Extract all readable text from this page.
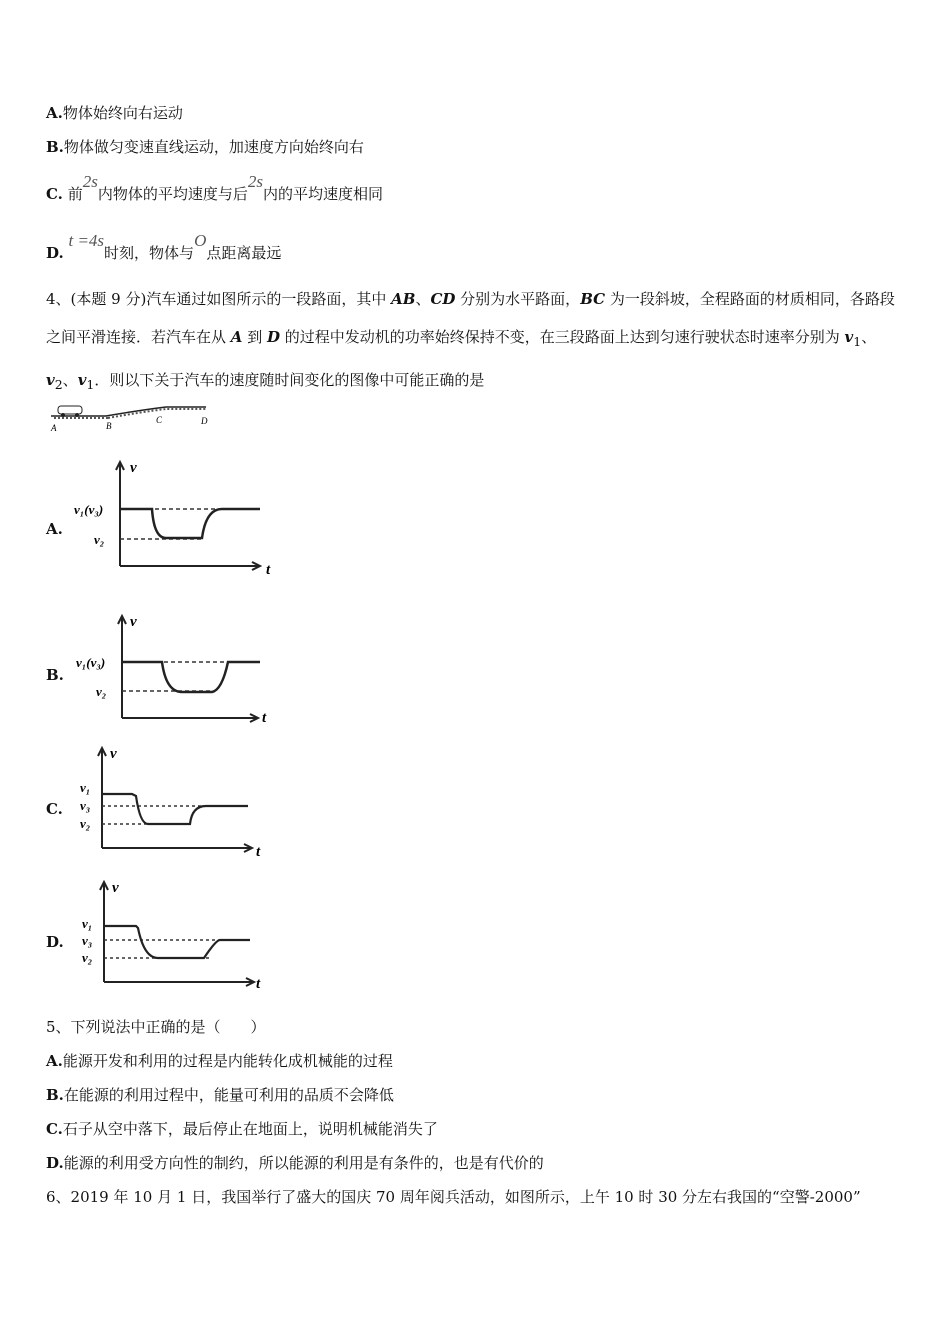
A.物体始终向右运动
B.物体做匀变速直线运动，加速度方向始终向右
C. 前2s内物体的平均速度与后2s内的平均速度相同
D. t =4s时刻，物体与O点距离最远
4、(本题 9 分)汽车通过如图所示的一段路面，其中 AB、CD 分别为水平路面，BC 为一段斜坡，全程路面的材质相同，各路段之间平滑连接．若汽车在从 A 到 D 的过程中发动机的功率始终保持不变，在三段路面上达到匀速行驶状态时速率分别为 $v_1$、$v_2$、$v_1$．则以下关于汽车的速度随时间变化的图像中可能正确的是
A	B
C	D
A.
v
t
v₁(v₃)
v₂
B.
v
t
v₁(v₃)
v₂
C.
v
t
v₁
v₃
v₂
D.
v
t
v₁
v₃
v₂
5、下列说法中正确的是（　　）
A.能源开发和利用的过程是内能转化成机械能的过程
B.在能源的利用过程中，能量可利用的品质不会降低
C.石子从空中落下，最后停止在地面上，说明机械能消失了
D.能源的利用受方向性的制约，所以能源的利用是有条件的，也是有代价的
6、2019 年 10 月 1 日，我国举行了盛大的国庆 70 周年阅兵活动，如图所示，上午 10 时 30 分左右我国的“空警-2000”
